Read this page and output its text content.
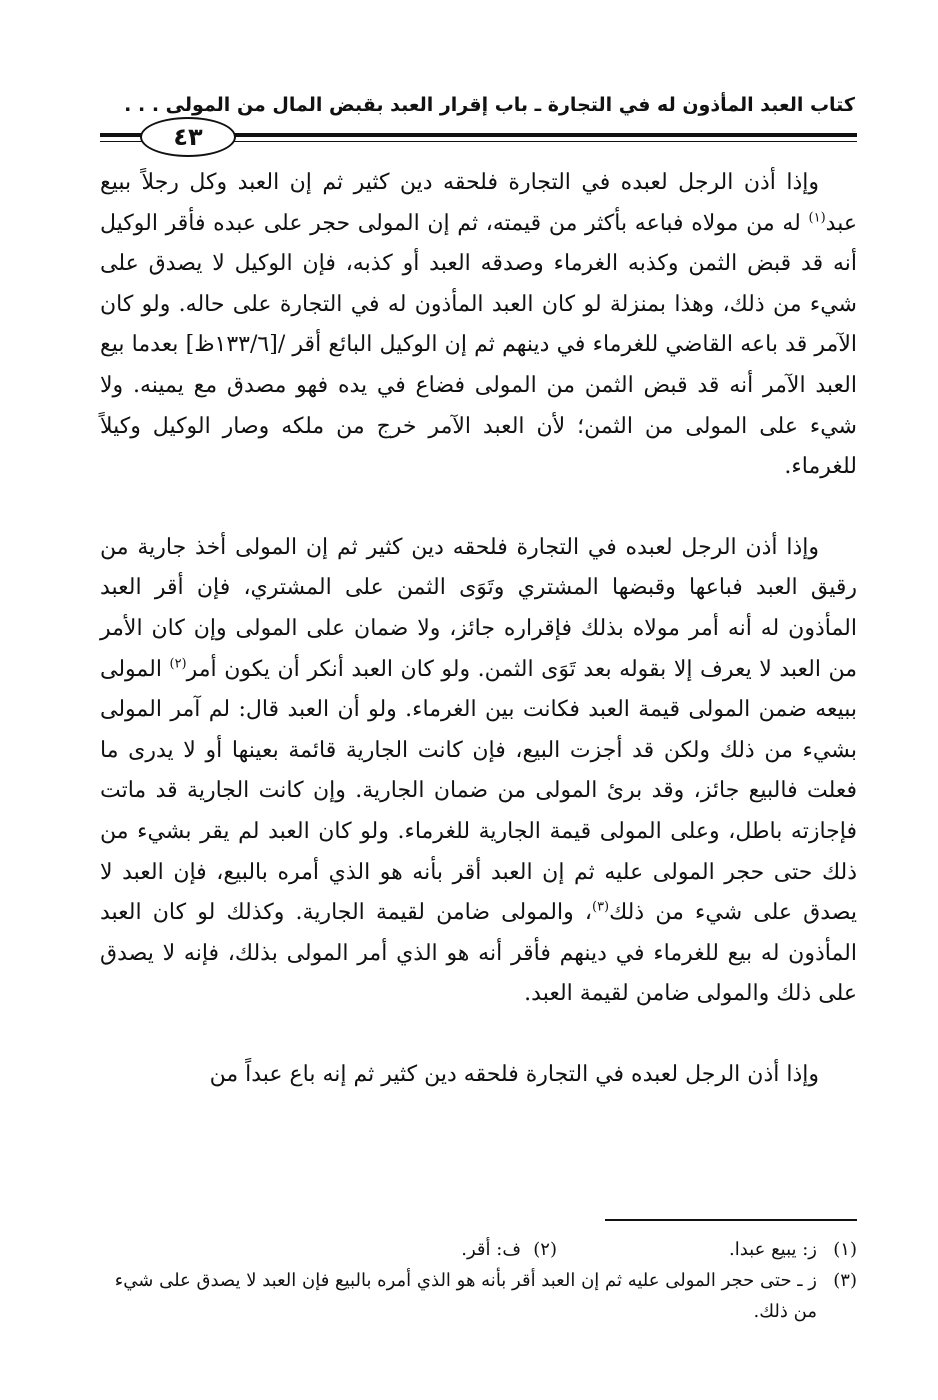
كتاب العبد المأذون له في التجارة ـ باب إقرار العبد بقبض المال من المولى . . .
٤٣

وإذا أذن الرجل لعبده في التجارة فلحقه دين كثير ثم إن العبد وكل رجلاً ببيع عبد$^{(١)}$ له من مولاه فباعه بأكثر من قيمته، ثم إن المولى حجر على عبده فأقر الوكيل أنه قد قبض الثمن وكذبه الغرماء وصدقه العبد أو كذبه، فإن الوكيل لا يصدق على شيء من ذلك، وهذا بمنزلة لو كان العبد المأذون له في التجارة على حاله. ولو كان الآمر قد باعه القاضي للغرماء في دينهم ثم إن الوكيل البائع أقر /[١٣٣/٦ظ] بعدما بيع العبد الآمر أنه قد قبض الثمن من المولى فضاع في يده فهو مصدق مع يمينه. ولا شيء على المولى من الثمن؛ لأن العبد الآمر خرج من ملكه وصار الوكيل وكيلاً للغرماء.

وإذا أذن الرجل لعبده في التجارة فلحقه دين كثير ثم إن المولى أخذ جارية من رقيق العبد فباعها وقبضها المشتري وتَوَى الثمن على المشتري، فإن أقر العبد المأذون له أنه أمر مولاه بذلك فإقراره جائز، ولا ضمان على المولى وإن كان الأمر من العبد لا يعرف إلا بقوله بعد تَوَى الثمن. ولو كان العبد أنكر أن يكون أمر$^{(٢)}$ المولى ببيعه ضمن المولى قيمة العبد فكانت بين الغرماء. ولو أن العبد قال: لم آمر المولى بشيء من ذلك ولكن قد أجزت البيع، فإن كانت الجارية قائمة بعينها أو لا يدرى ما فعلت فالبيع جائز، وقد برئ المولى من ضمان الجارية. وإن كانت الجارية قد ماتت فإجازته باطل، وعلى المولى قيمة الجارية للغرماء. ولو كان العبد لم يقر بشيء من ذلك حتى حجر المولى عليه ثم إن العبد أقر بأنه هو الذي أمره بالبيع، فإن العبد لا يصدق على شيء من ذلك$^{(٣)}$، والمولى ضامن لقيمة الجارية. وكذلك لو كان العبد المأذون له بيع للغرماء في دينهم فأقر أنه هو الذي أمر المولى بذلك، فإنه لا يصدق على ذلك والمولى ضامن لقيمة العبد.

وإذا أذن الرجل لعبده في التجارة فلحقه دين كثير ثم إنه باع عبداً من

(١)
ز: يبيع عبدا.
(٢)
ف: أقر.
(٣)
ز ـ حتى حجر المولى عليه ثم إن العبد أقر بأنه هو الذي أمره بالبيع فإن العبد لا يصدق على شيء من ذلك.
